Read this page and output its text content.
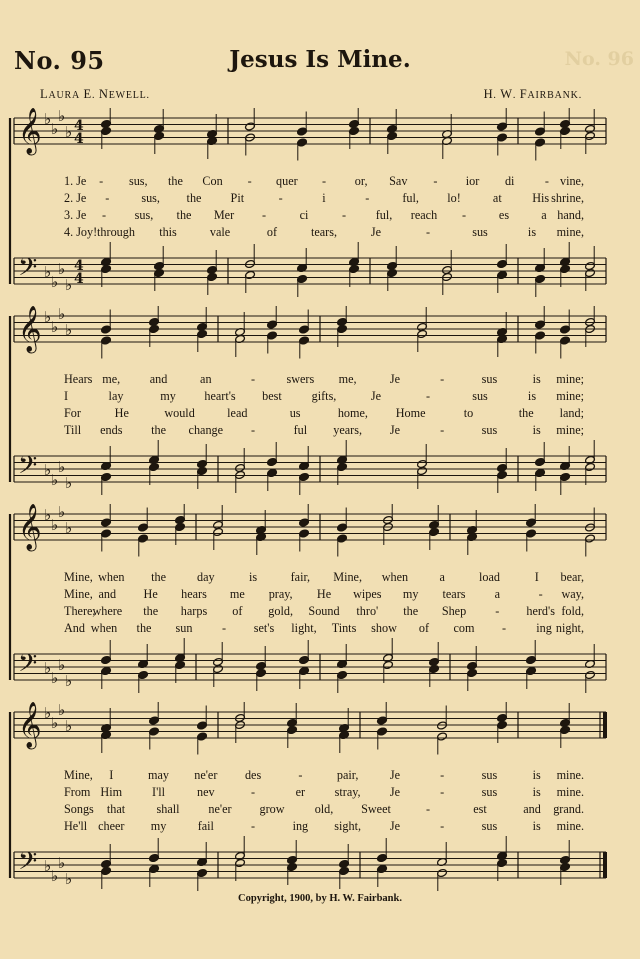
No. 96
No. 95	Jesus Is Mine.
LAURA E. NEWELL.	H. W. FAIRBANK.
𝄞
𝄢
♭
♭
♭
♭
♭
♭
♭
♭
4
4
4
4
1. Je - sus, the Con - quer - or, Sav - ior di - vine,
2. Je -	sus, the Pit	-	i	-	ful, lo!	at His shrine,
3. Je - sus, the Mer -	ci	- ful, reach -	es	a hand,
4. Joy! through this	vale	of	tears,	Je	-	sus	is mine,
𝄞
𝄢
♭
♭
♭
♭
♭
♭
♭
♭
Hears me, and	an	-	swers me,	Je	-	sus	is mine;
I	lay	my heart's best gifts,	Je	-	sus	is mine;
For	He	would	lead	us	home, Home	to	the land;
Till ends the change -	ful years, Je	-	sus	is mine;
𝄞
𝄢
♭
♭
♭
♭
♭
♭
♭
♭
Mine, when the	day	is	fair, Mine, when	a	load	I bear,
Mine, and He hears me pray, He wipes my tears a	- way,
There,
where the harps of gold, Sound thro' the Shep - herd's fold,
And when the sun - set's light, Tints show of com - ing night,
𝄞
𝄢
♭
♭
♭
♭
♭
♭
♭
♭
Mine, I	may ne'er des	-	pair,	Je	-	sus	is mine.
From Him I'll	nev	-	er stray, Je	-	sus	is mine.
Songs that	shall ne'er grow old, Sweet	-	est	and grand.
He'll cheer my	fail	-	ing sight, Je	-	sus	is mine.
Copyright, 1900, by H. W. Fairbank.
